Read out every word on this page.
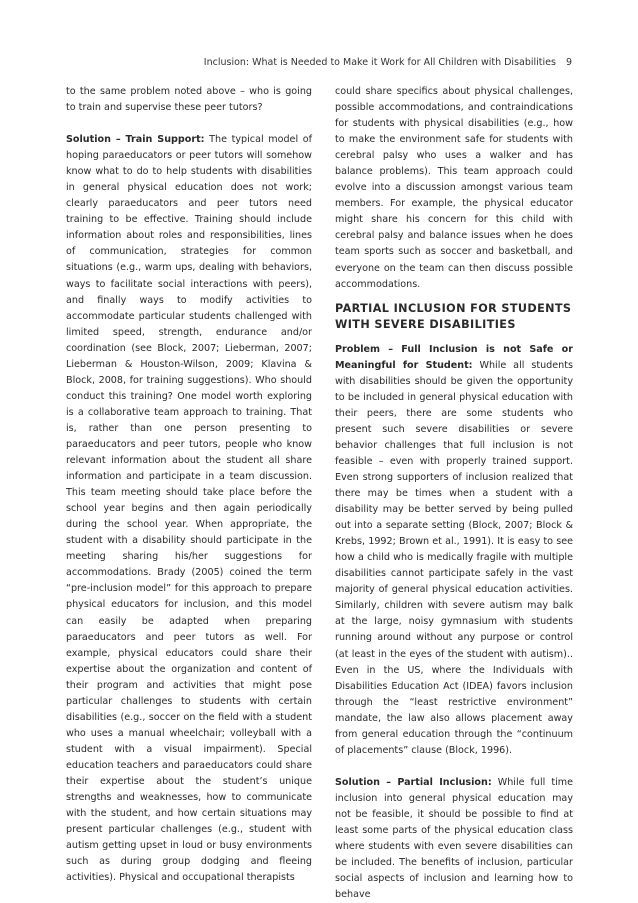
Inclusion: What is Needed to Make it Work for All Children with Disabilities 9

to the same problem noted above – who is going to train and supervise these peer tutors?

Solution – Train Support: The typical model of hoping paraeducators or peer tutors will somehow know what to do to help students with disabilities in general physical education does not work; clearly paraeducators and peer tutors need training to be effective. Training should include information about roles and responsibilities, lines of communication, strategies for common situations (e.g., warm ups, dealing with behaviors, ways to facilitate social interactions with peers), and finally ways to modify activities to accommodate particular students challenged with limited speed, strength, endurance and/or coordination (see Block, 2007; Lieberman, 2007; Lieberman & Houston-Wilson, 2009; Klavina & Block, 2008, for training suggestions). Who should conduct this training? One model worth exploring is a collaborative team approach to training. That is, rather than one person presenting to paraeducators and peer tutors, people who know relevant information about the student all share information and participate in a team discussion. This team meeting should take place before the school year begins and then again periodically during the school year. When appropriate, the student with a disability should participate in the meeting sharing his/her suggestions for accommodations. Brady (2005) coined the term “pre-inclusion model” for this approach to prepare physical educators for inclusion, and this model can easily be adapted when preparing paraeducators and peer tutors as well. For example, physical educators could share their expertise about the organization and content of their program and activities that might pose particular challenges to students with certain disabilities (e.g., soccer on the field with a student who uses a manual wheelchair; volleyball with a student with a visual impairment). Special education teachers and paraeducators could share their expertise about the student’s unique strengths and weaknesses, how to communicate with the student, and how certain situations may present particular challenges (e.g., student with autism getting upset in loud or busy environments such as during group dodging and fleeing activities). Physical and occupational therapists

could share specifics about physical challenges, possible accommodations, and contraindications for students with physical disabilities (e.g., how to make the environment safe for students with cerebral palsy who uses a walker and has balance problems). This team approach could evolve into a discussion amongst various team members. For example, the physical educator might share his concern for this child with cerebral palsy and balance issues when he does team sports such as soccer and basketball, and everyone on the team can then discuss possible accommodations.

PARTIAL INCLUSION FOR STUDENTS WITH SEVERE DISABILITIES

Problem – Full Inclusion is not Safe or Meaningful for Student: While all students with disabilities should be given the opportunity to be included in general physical education with their peers, there are some students who present such severe disabilities or severe behavior challenges that full inclusion is not feasible – even with properly trained support. Even strong supporters of inclusion realized that there may be times when a student with a disability may be better served by being pulled out into a separate setting (Block, 2007; Block & Krebs, 1992; Brown et al., 1991). It is easy to see how a child who is medically fragile with multiple disabilities cannot participate safely in the vast majority of general physical education activities. Similarly, children with severe autism may balk at the large, noisy gymnasium with students running around without any purpose or control (at least in the eyes of the student with autism).. Even in the US, where the Individuals with Disabilities Education Act (IDEA) favors inclusion through the “least restrictive environment” mandate, the law also allows placement away from general education through the “continuum of placements” clause (Block, 1996).

Solution – Partial Inclusion: While full time inclusion into general physical education may not be feasible, it should be possible to find at least some parts of the physical education class where students with even severe disabilities can be included. The benefits of inclusion, particular social aspects of inclusion and learning how to behave
